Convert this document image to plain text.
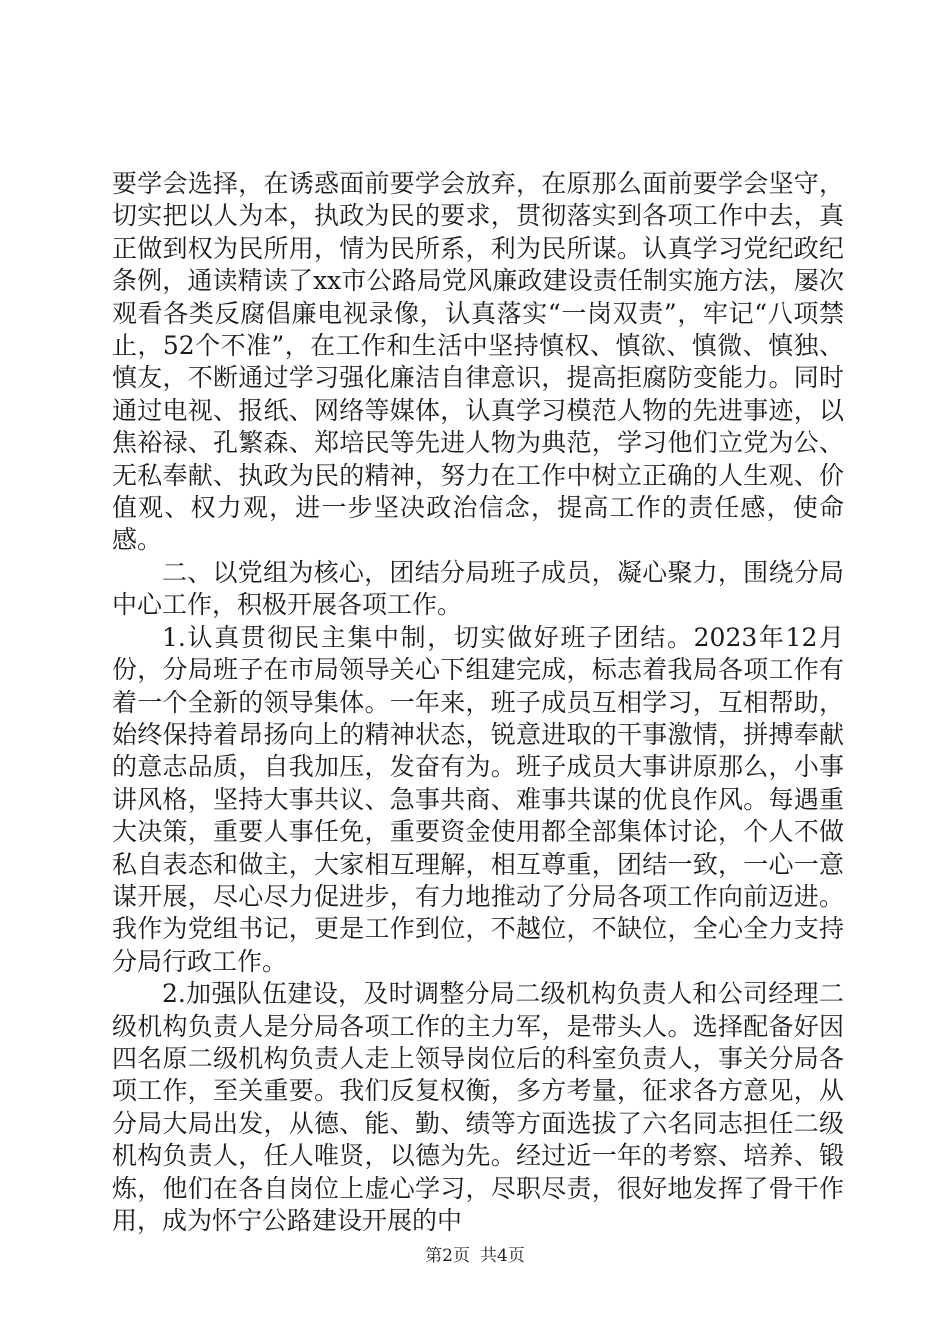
要学会选择，在诱惑面前要学会放弃，在原那么面前要学会坚守，切实把以人为本，执政为民的要求，贯彻落实到各项工作中去，真正做到权为民所用，情为民所系，利为民所谋。认真学习党纪政纪条例，通读精读了xx市公路局党风廉政建设责任制实施方法，屡次观看各类反腐倡廉电视录像，认真落实“一岗双责”，牢记“八项禁止，52个不准”，在工作和生活中坚持慎权、慎欲、慎微、慎独、慎友，不断通过学习强化廉洁自律意识，提高拒腐防变能力。同时通过电视、报纸、网络等媒体，认真学习模范人物的先进事迹，以焦裕禄、孔繁森、郑培民等先进人物为典范，学习他们立党为公、无私奉献、执政为民的精神，努力在工作中树立正确的人生观、价值观、权力观，进一步坚决政治信念，提高工作的责任感，使命感。

二、以党组为核心，团结分局班子成员，凝心聚力，围绕分局中心工作，积极开展各项工作。

1.认真贯彻民主集中制，切实做好班子团结。2023年12月份，分局班子在市局领导关心下组建完成，标志着我局各项工作有着一个全新的领导集体。一年来，班子成员互相学习，互相帮助，始终保持着昂扬向上的精神状态，锐意进取的干事激情，拼搏奉献的意志品质，自我加压，发奋有为。班子成员大事讲原那么，小事讲风格，坚持大事共议、急事共商、难事共谋的优良作风。每遇重大决策，重要人事任免，重要资金使用都全部集体讨论，个人不做私自表态和做主，大家相互理解，相互尊重，团结一致，一心一意谋开展，尽心尽力促进步，有力地推动了分局各项工作向前迈进。我作为党组书记，更是工作到位，不越位，不缺位，全心全力支持分局行政工作。

2.加强队伍建设，及时调整分局二级机构负责人和公司经理二级机构负责人是分局各项工作的主力军，是带头人。选择配备好因四名原二级机构负责人走上领导岗位后的科室负责人，事关分局各项工作，至关重要。我们反复权衡，多方考量，征求各方意见，从分局大局出发，从德、能、勤、绩等方面选拔了六名同志担任二级机构负责人，任人唯贤，以德为先。经过近一年的考察、培养、锻炼，他们在各自岗位上虚心学习，尽职尽责，很好地发挥了骨干作用，成为怀宁公路建设开展的中

第2页 共4页
